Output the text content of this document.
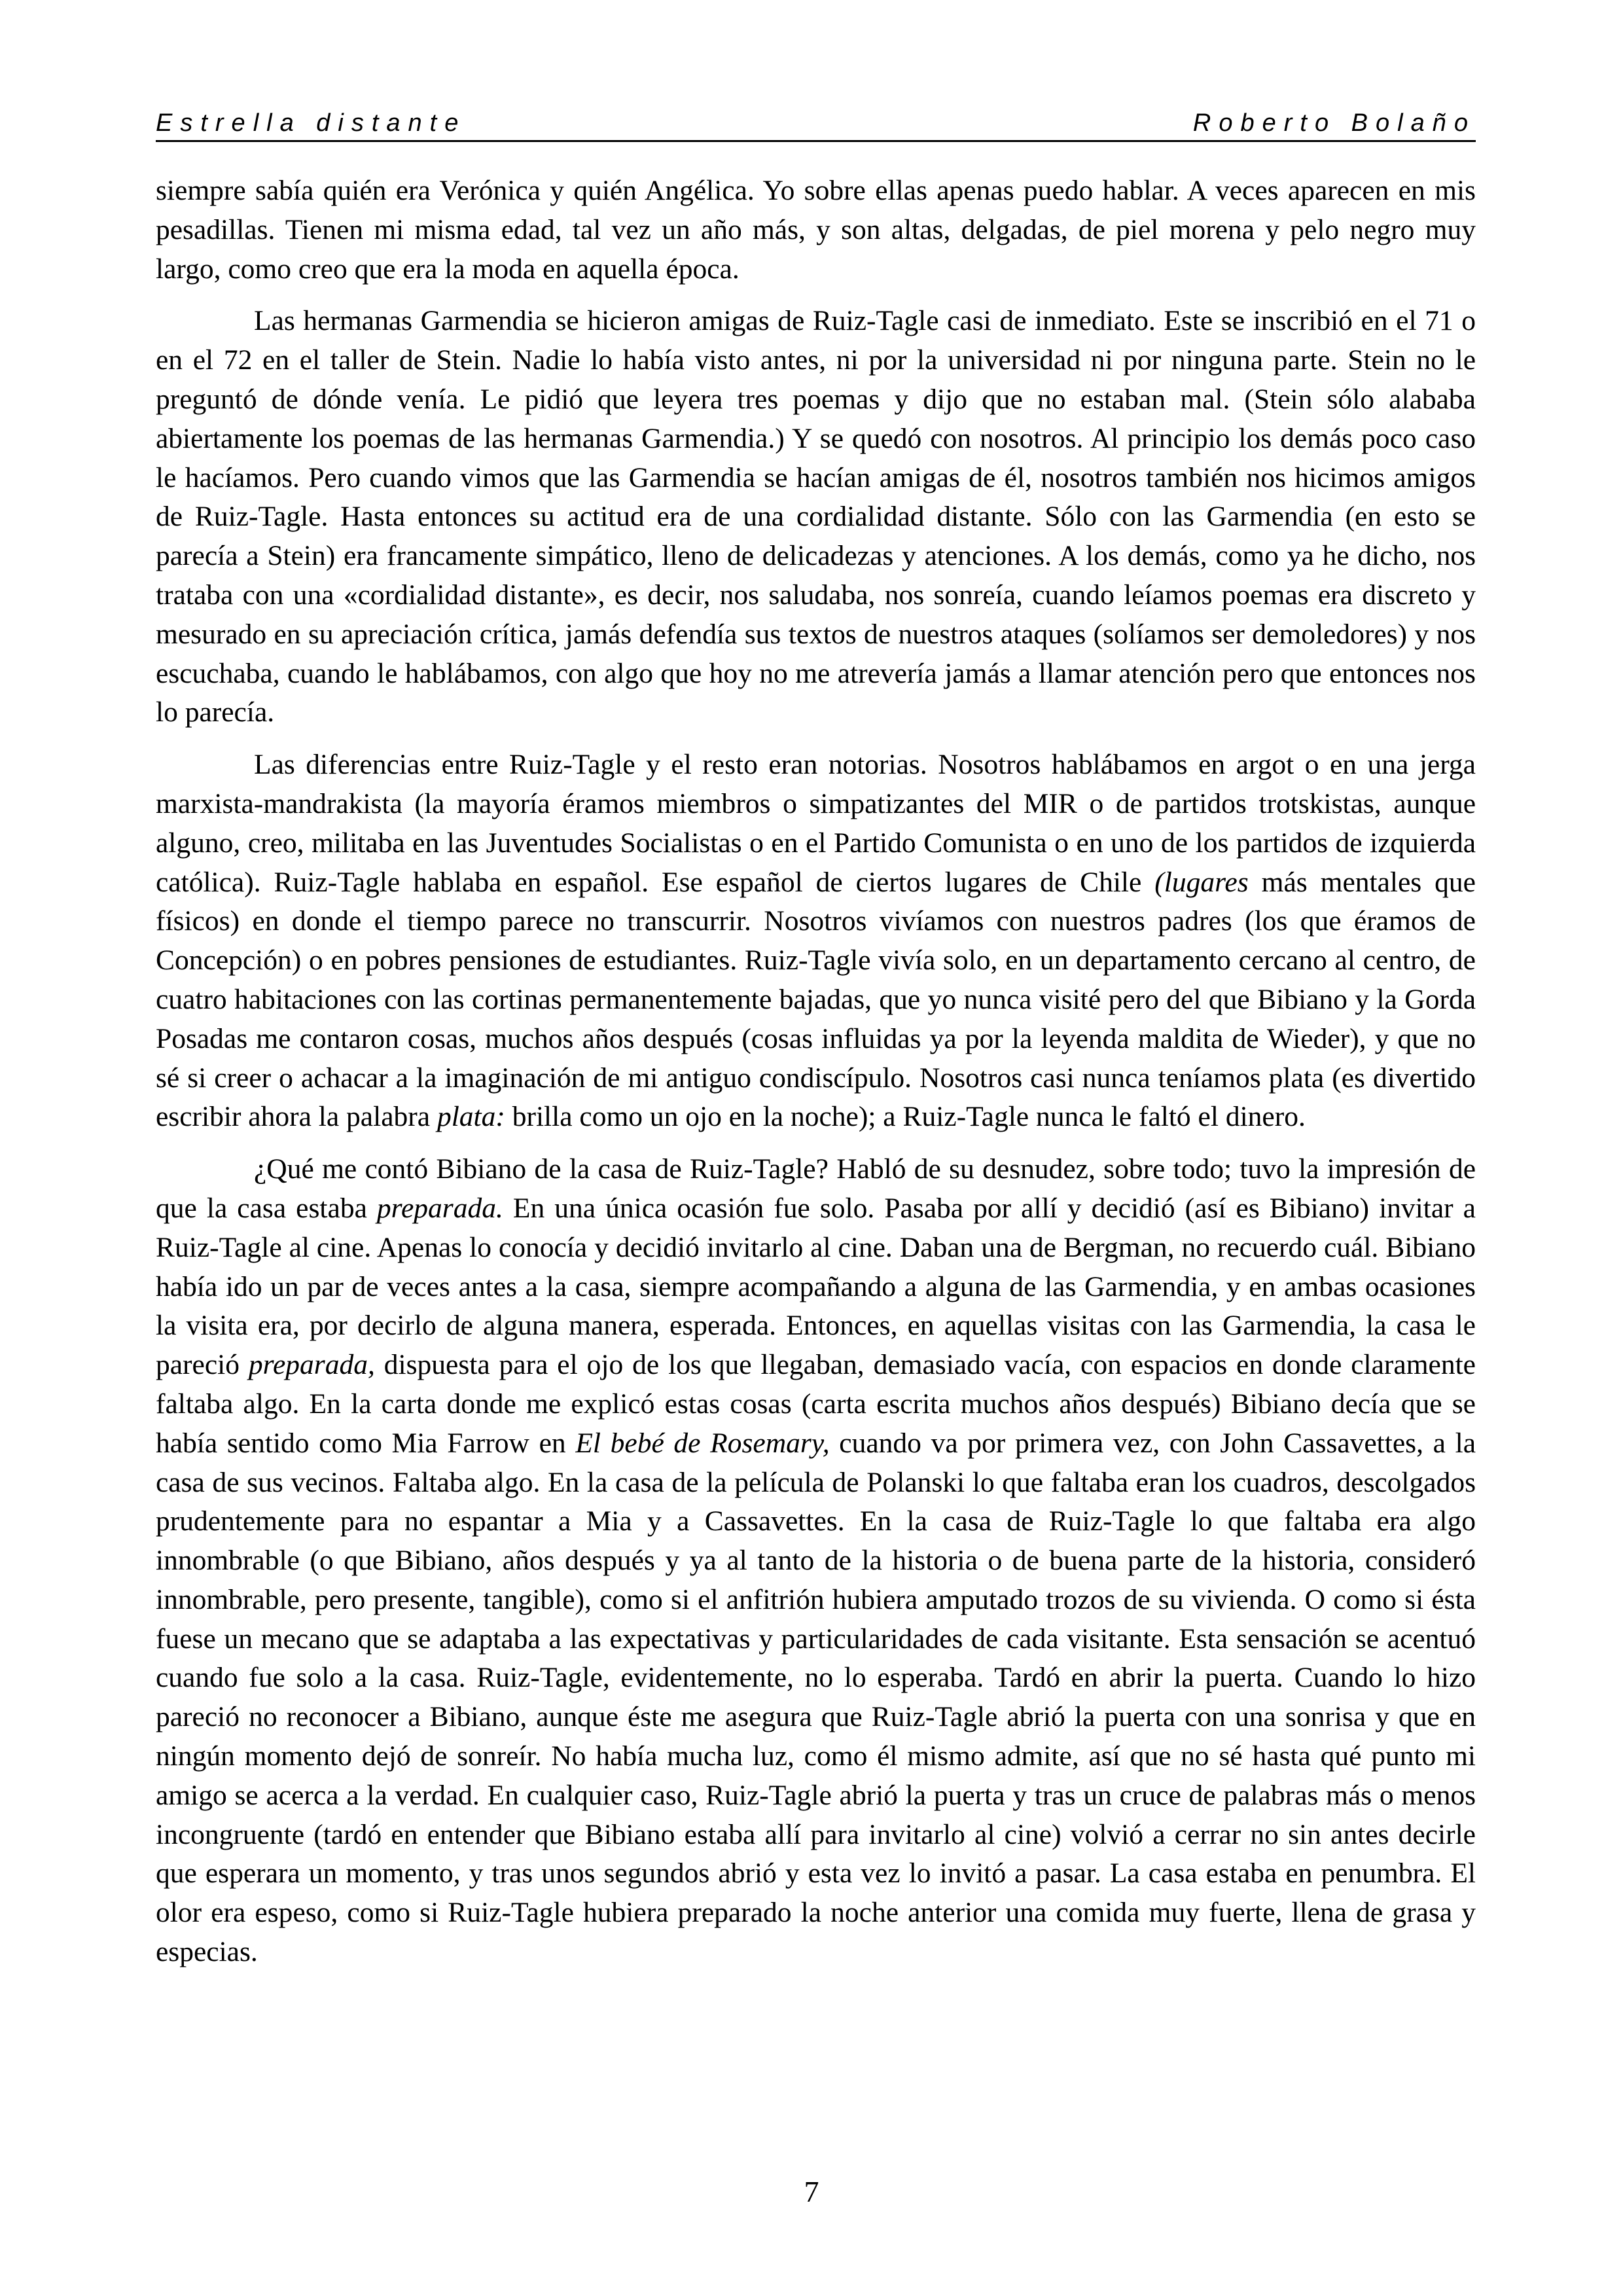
Estrella distante	Roberto Bolaño

siempre sabía quién era Verónica y quién Angélica. Yo sobre ellas apenas puedo hablar. A veces aparecen en mis pesadillas. Tienen mi misma edad, tal vez un año más, y son altas, delgadas, de piel morena y pelo negro muy largo, como creo que era la moda en aquella época.

Las hermanas Garmendia se hicieron amigas de Ruiz-Tagle casi de inmediato. Este se inscribió en el 71 o en el 72 en el taller de Stein. Nadie lo había visto antes, ni por la universidad ni por ninguna parte. Stein no le preguntó de dónde venía. Le pidió que leyera tres poemas y dijo que no estaban mal. (Stein sólo alababa abiertamente los poemas de las hermanas Garmendia.) Y se quedó con nosotros. Al principio los demás poco caso le hacíamos. Pero cuando vimos que las Garmendia se hacían amigas de él, nosotros también nos hicimos amigos de Ruiz-Tagle. Hasta entonces su actitud era de una cordialidad distante. Sólo con las Garmendia (en esto se parecía a Stein) era francamente simpático, lleno de delicadezas y atenciones. A los demás, como ya he dicho, nos trataba con una «cordialidad distante», es decir, nos saludaba, nos sonreía, cuando leíamos poemas era discreto y mesurado en su apreciación crítica, jamás defendía sus textos de nuestros ataques (solíamos ser demoledores) y nos escuchaba, cuando le hablábamos, con algo que hoy no me atrevería jamás a llamar atención pero que entonces nos lo parecía.

Las diferencias entre Ruiz-Tagle y el resto eran notorias. Nosotros hablábamos en argot o en una jerga marxista-mandrakista (la mayoría éramos miembros o simpatizantes del MIR o de partidos trotskistas, aunque alguno, creo, militaba en las Juventudes Socialistas o en el Partido Comunista o en uno de los partidos de izquierda católica). Ruiz-Tagle hablaba en español. Ese español de ciertos lugares de Chile (lugares más mentales que físicos) en donde el tiempo parece no transcurrir. Nosotros vivíamos con nuestros padres (los que éramos de Concepción) o en pobres pensiones de estudiantes. Ruiz-Tagle vivía solo, en un departamento cercano al centro, de cuatro habitaciones con las cortinas permanentemente bajadas, que yo nunca visité pero del que Bibiano y la Gorda Posadas me contaron cosas, muchos años después (cosas influidas ya por la leyenda maldita de Wieder), y que no sé si creer o achacar a la imaginación de mi antiguo condiscípulo. Nosotros casi nunca teníamos plata (es divertido escribir ahora la palabra plata: brilla como un ojo en la noche); a Ruiz-Tagle nunca le faltó el dinero.

¿Qué me contó Bibiano de la casa de Ruiz-Tagle? Habló de su desnudez, sobre todo; tuvo la impresión de que la casa estaba preparada. En una única ocasión fue solo. Pasaba por allí y decidió (así es Bibiano) invitar a Ruiz-Tagle al cine. Apenas lo conocía y decidió invitarlo al cine. Daban una de Bergman, no recuerdo cuál. Bibiano había ido un par de veces antes a la casa, siempre acompañando a alguna de las Garmendia, y en ambas ocasiones la visita era, por decirlo de alguna manera, esperada. Entonces, en aquellas visitas con las Garmendia, la casa le pareció preparada, dispuesta para el ojo de los que llegaban, demasiado vacía, con espacios en donde claramente faltaba algo. En la carta donde me explicó estas cosas (carta escrita muchos años después) Bibiano decía que se había sentido como Mia Farrow en El bebé de Rosemary, cuando va por primera vez, con John Cassavettes, a la casa de sus vecinos. Faltaba algo. En la casa de la película de Polanski lo que faltaba eran los cuadros, descolgados prudentemente para no espantar a Mia y a Cassavettes. En la casa de Ruiz-Tagle lo que faltaba era algo innombrable (o que Bibiano, años después y ya al tanto de la historia o de buena parte de la historia, consideró innombrable, pero presente, tangible), como si el anfitrión hubiera amputado trozos de su vivienda. O como si ésta fuese un mecano que se adaptaba a las expectativas y particularidades de cada visitante. Esta sensación se acentuó cuando fue solo a la casa. Ruiz-Tagle, evidentemente, no lo esperaba. Tardó en abrir la puerta. Cuando lo hizo pareció no reconocer a Bibiano, aunque éste me asegura que Ruiz-Tagle abrió la puerta con una sonrisa y que en ningún momento dejó de sonreír. No había mucha luz, como él mismo admite, así que no sé hasta qué punto mi amigo se acerca a la verdad. En cualquier caso, Ruiz-Tagle abrió la puerta y tras un cruce de palabras más o menos incongruente (tardó en entender que Bibiano estaba allí para invitarlo al cine) volvió a cerrar no sin antes decirle que esperara un momento, y tras unos segundos abrió y esta vez lo invitó a pasar. La casa estaba en penumbra. El olor era espeso, como si Ruiz-Tagle hubiera preparado la noche anterior una comida muy fuerte, llena de grasa y especias.

7
